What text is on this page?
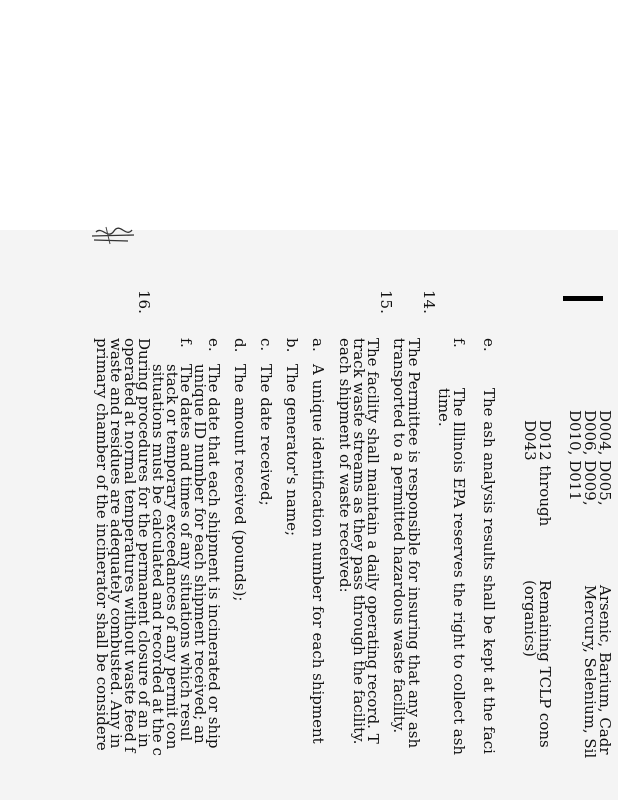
D004, D005,
Arsenic, Barium, Cadr
D006, D009,
Mercury, Selenium, Sil
D010, D011
D012 through
Remaining TCLP cons
D043
(organics)
e.
The ash analysis results shall be kept at the faci
f.
The Illinois EPA reserves the right to collect ash
time.
14.
The Permittee is responsible for insuring that any ash
transported to a permitted hazardous waste facility.
15.
The facility shall maintain a daily operating record. T
track waste streams as they pass through the facility.
each shipment of waste received:
a.
A unique identification number for each shipment
b.
The generator's name;
c.
The date received;
d.
The amount received (pounds);
e.
The date that each shipment is incinerated or ship
unique ID number for each shipment received; an
f.
The dates and times of any situations which resul
stack or temporary exceedances of any permit con
situations must be calculated and recorded at the c
16.
During procedures for the permanent closure of an in
operated at normal temperatures without waste feed f
waste and residues are adequately combusted. Any in
primary chamber of the incinerator shall be considere
